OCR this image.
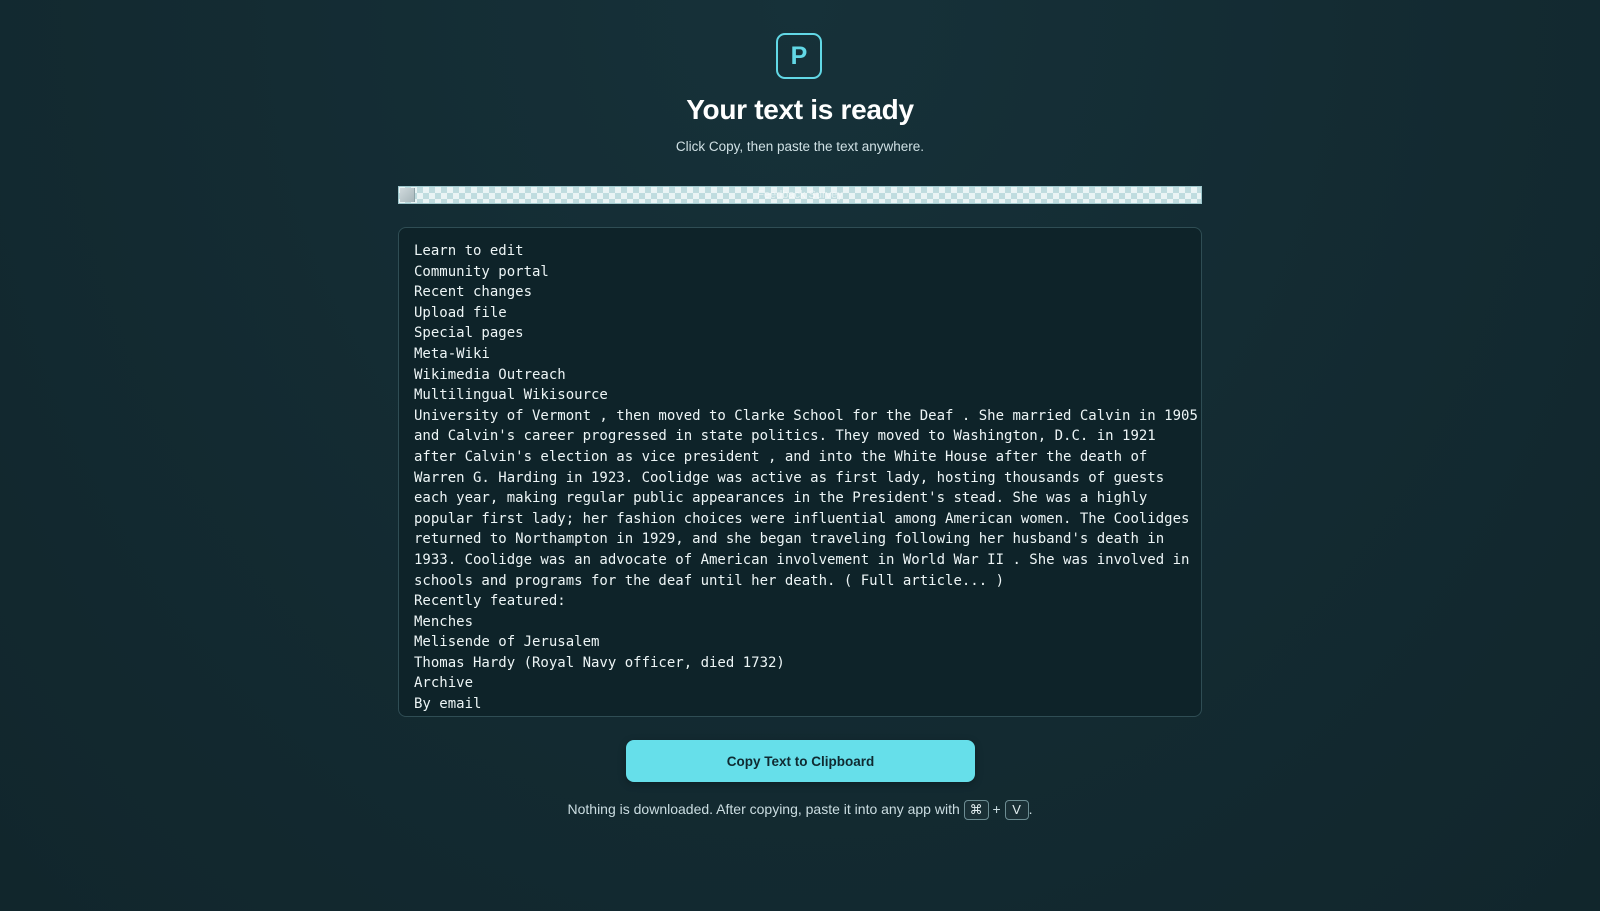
P
Your text is ready

Click Copy, then paste the text anywhere.

Feedback Survey
Learn to edit
Community portal
Recent changes
Upload file
Special pages
Meta-Wiki
Wikimedia Outreach
Multilingual Wikisource
University of Vermont , then moved to Clarke School for the Deaf . She married Calvin in 1905
and Calvin's career progressed in state politics. They moved to Washington, D.C. in 1921
after Calvin's election as vice president , and into the White House after the death of
Warren G. Harding in 1923. Coolidge was active as first lady, hosting thousands of guests
each year, making regular public appearances in the President's stead. She was a highly
popular first lady; her fashion choices were influential among American women. The Coolidges
returned to Northampton in 1929, and she began traveling following her husband's death in
1933. Coolidge was an advocate of American involvement in World War II . She was involved in
schools and programs for the deaf until her death. ( Full article... )
Recently featured:
Menches
Melisende of Jerusalem
Thomas Hardy (Royal Navy officer, died 1732)
Archive
By email
Copy Text to Clipboard

Nothing is downloaded. After copying, paste it into any app with ⌘ + V .
